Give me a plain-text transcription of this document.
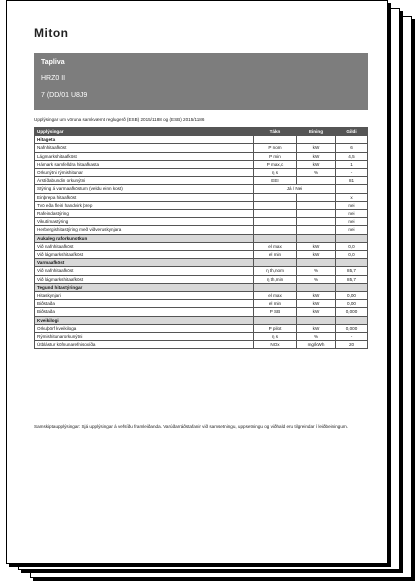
Miton
Tapliva
HRZ0 II
7 (DD/01 U8J9
Upplýsingar um vöruna samkvæmt reglugerð (ESB) 2015/1188 og (ESB) 2015/1186
Upplýsingar	Tákn	Eining	Gildi
Hitageta			
Nafnhitaafköst	P nom	kW	6
Lágmarkshitaafköst	P min	kW	4,5
Hámark samfelldra hitaafkasta	P max,c	kW	1
Orkunýtni rýmishitunar	η s	%	-
Árstíðabundin orkunýtni	EEI		81
Stýring á varmaafköstum (veldu einn kost)	Já / Nei		
Einþrepa hitaafköst			x
Tvö eða fleiri handvirk þrep			nei
Rafeindastýring			nei
Vikutímastýring			nei
Herbergishitastýring með viðveruskynjara			nei
Aukaleg raforkunotkun			
Við nafnhitaafköst	el max	kW	0,0
Við lágmarkshitaafköst	el min	kW	0,0
Varmaafköst			
Við nafnhitaafköst	η th,nom	%	85,7
Við lágmarkshitaafköst	η th,min	%	85,7
Tegund hitastýringar			
Hitaskynjari	el max	kW	0,00
Biðstaða	el min	kW	0,00
Biðstaða	P SB	kW	0,000
Kveikilogi			
Orkuþörf kveikiloga	P pilot	kW	0,000
Rýmishitunarorkunýtni	η s	%	-
Útblástur köfnunarefnisoxíða	NOx	mg/kWh	20
Samskiptaupplýsingar: Sjá upplýsingar á vefsíðu framleiðanda. Varúðarráðstafanir við samsetningu, uppsetningu og viðhald eru tilgreindar í leiðbeiningum.
